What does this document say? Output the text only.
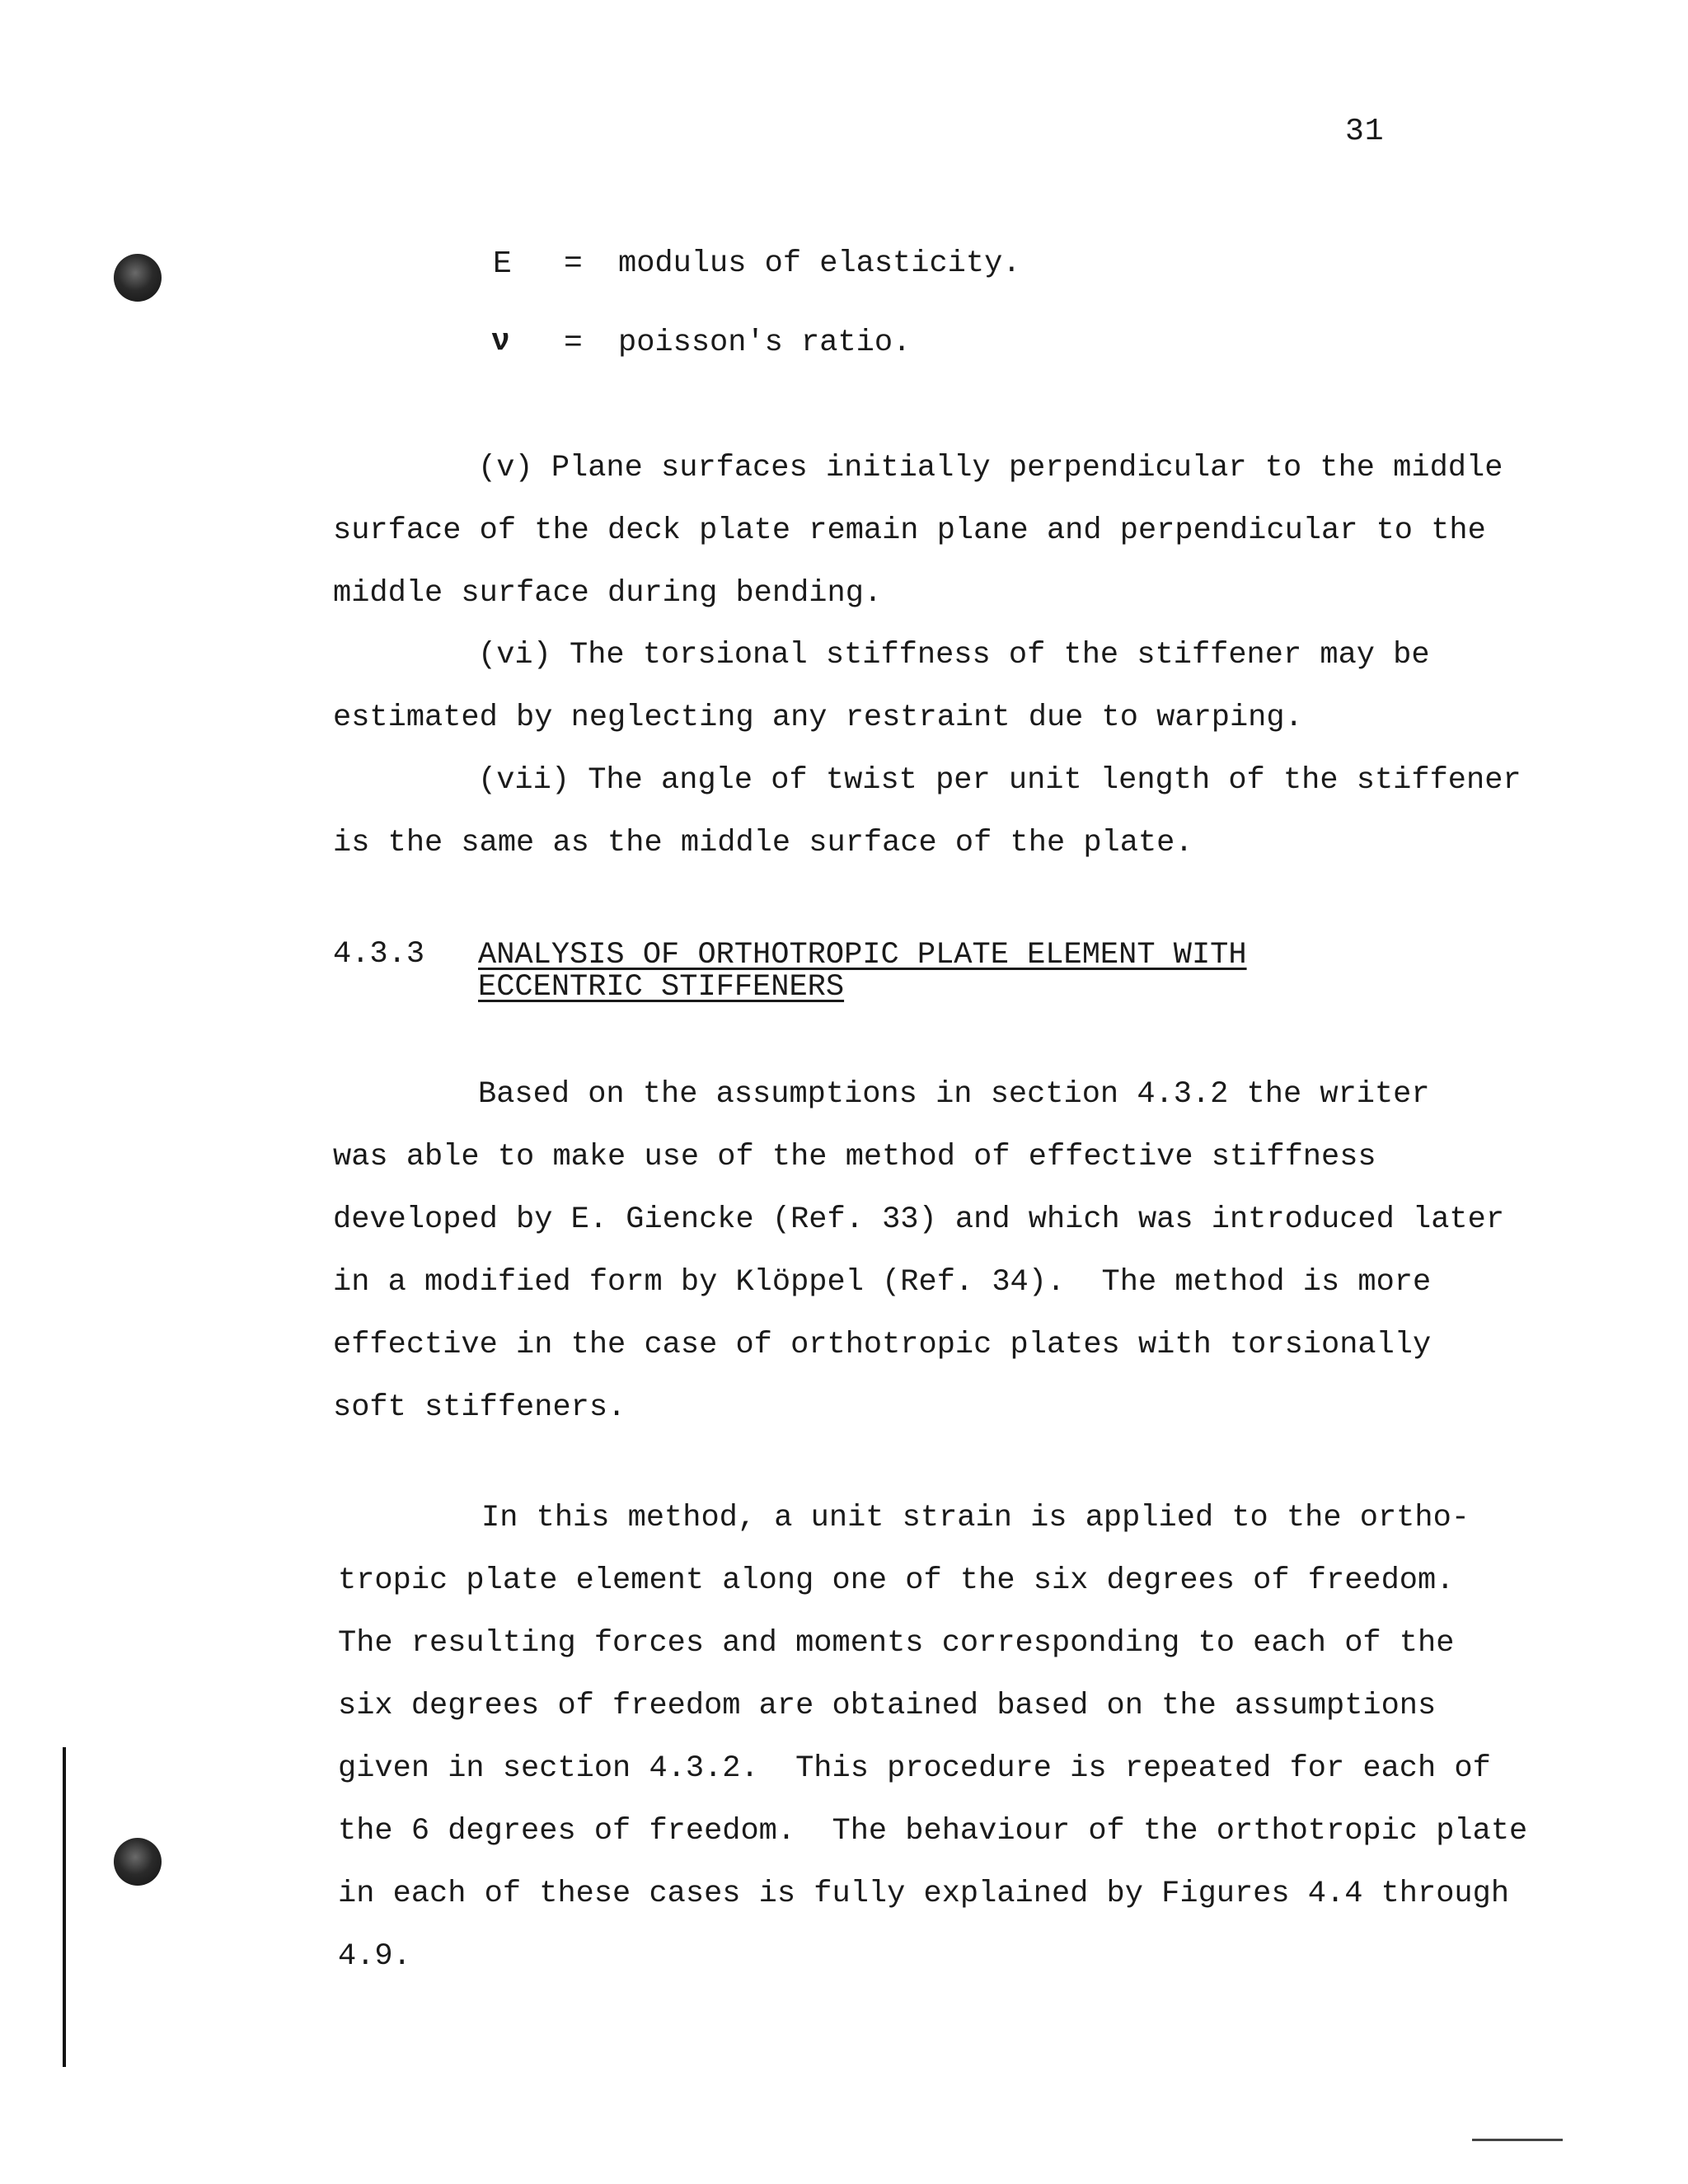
31
E = modulus of elasticity.
ν = poisson's ratio.
(v) Plane surfaces initially perpendicular to the middle
surface of the deck plate remain plane and perpendicular to the
middle surface during bending.
(vi) The torsional stiffness of the stiffener may be
estimated by neglecting any restraint due to warping.
(vii) The angle of twist per unit length of the stiffener
is the same as the middle surface of the plate.
4.3.3 ANALYSIS OF ORTHOTROPIC PLATE ELEMENT WITH ECCENTRIC STIFFENERS
Based on the assumptions in section 4.3.2 the writer
was able to make use of the method of effective stiffness
developed by E. Giencke (Ref. 33) and which was introduced later
in a modified form by Klöppel (Ref. 34).  The method is more
effective in the case of orthotropic plates with torsionally
soft stiffeners.
In this method, a unit strain is applied to the ortho-
tropic plate element along one of the six degrees of freedom.
The resulting forces and moments corresponding to each of the
six degrees of freedom are obtained based on the assumptions
given in section 4.3.2.  This procedure is repeated for each of
the 6 degrees of freedom.  The behaviour of the orthotropic plate
in each of these cases is fully explained by Figures 4.4 through
4.9.
